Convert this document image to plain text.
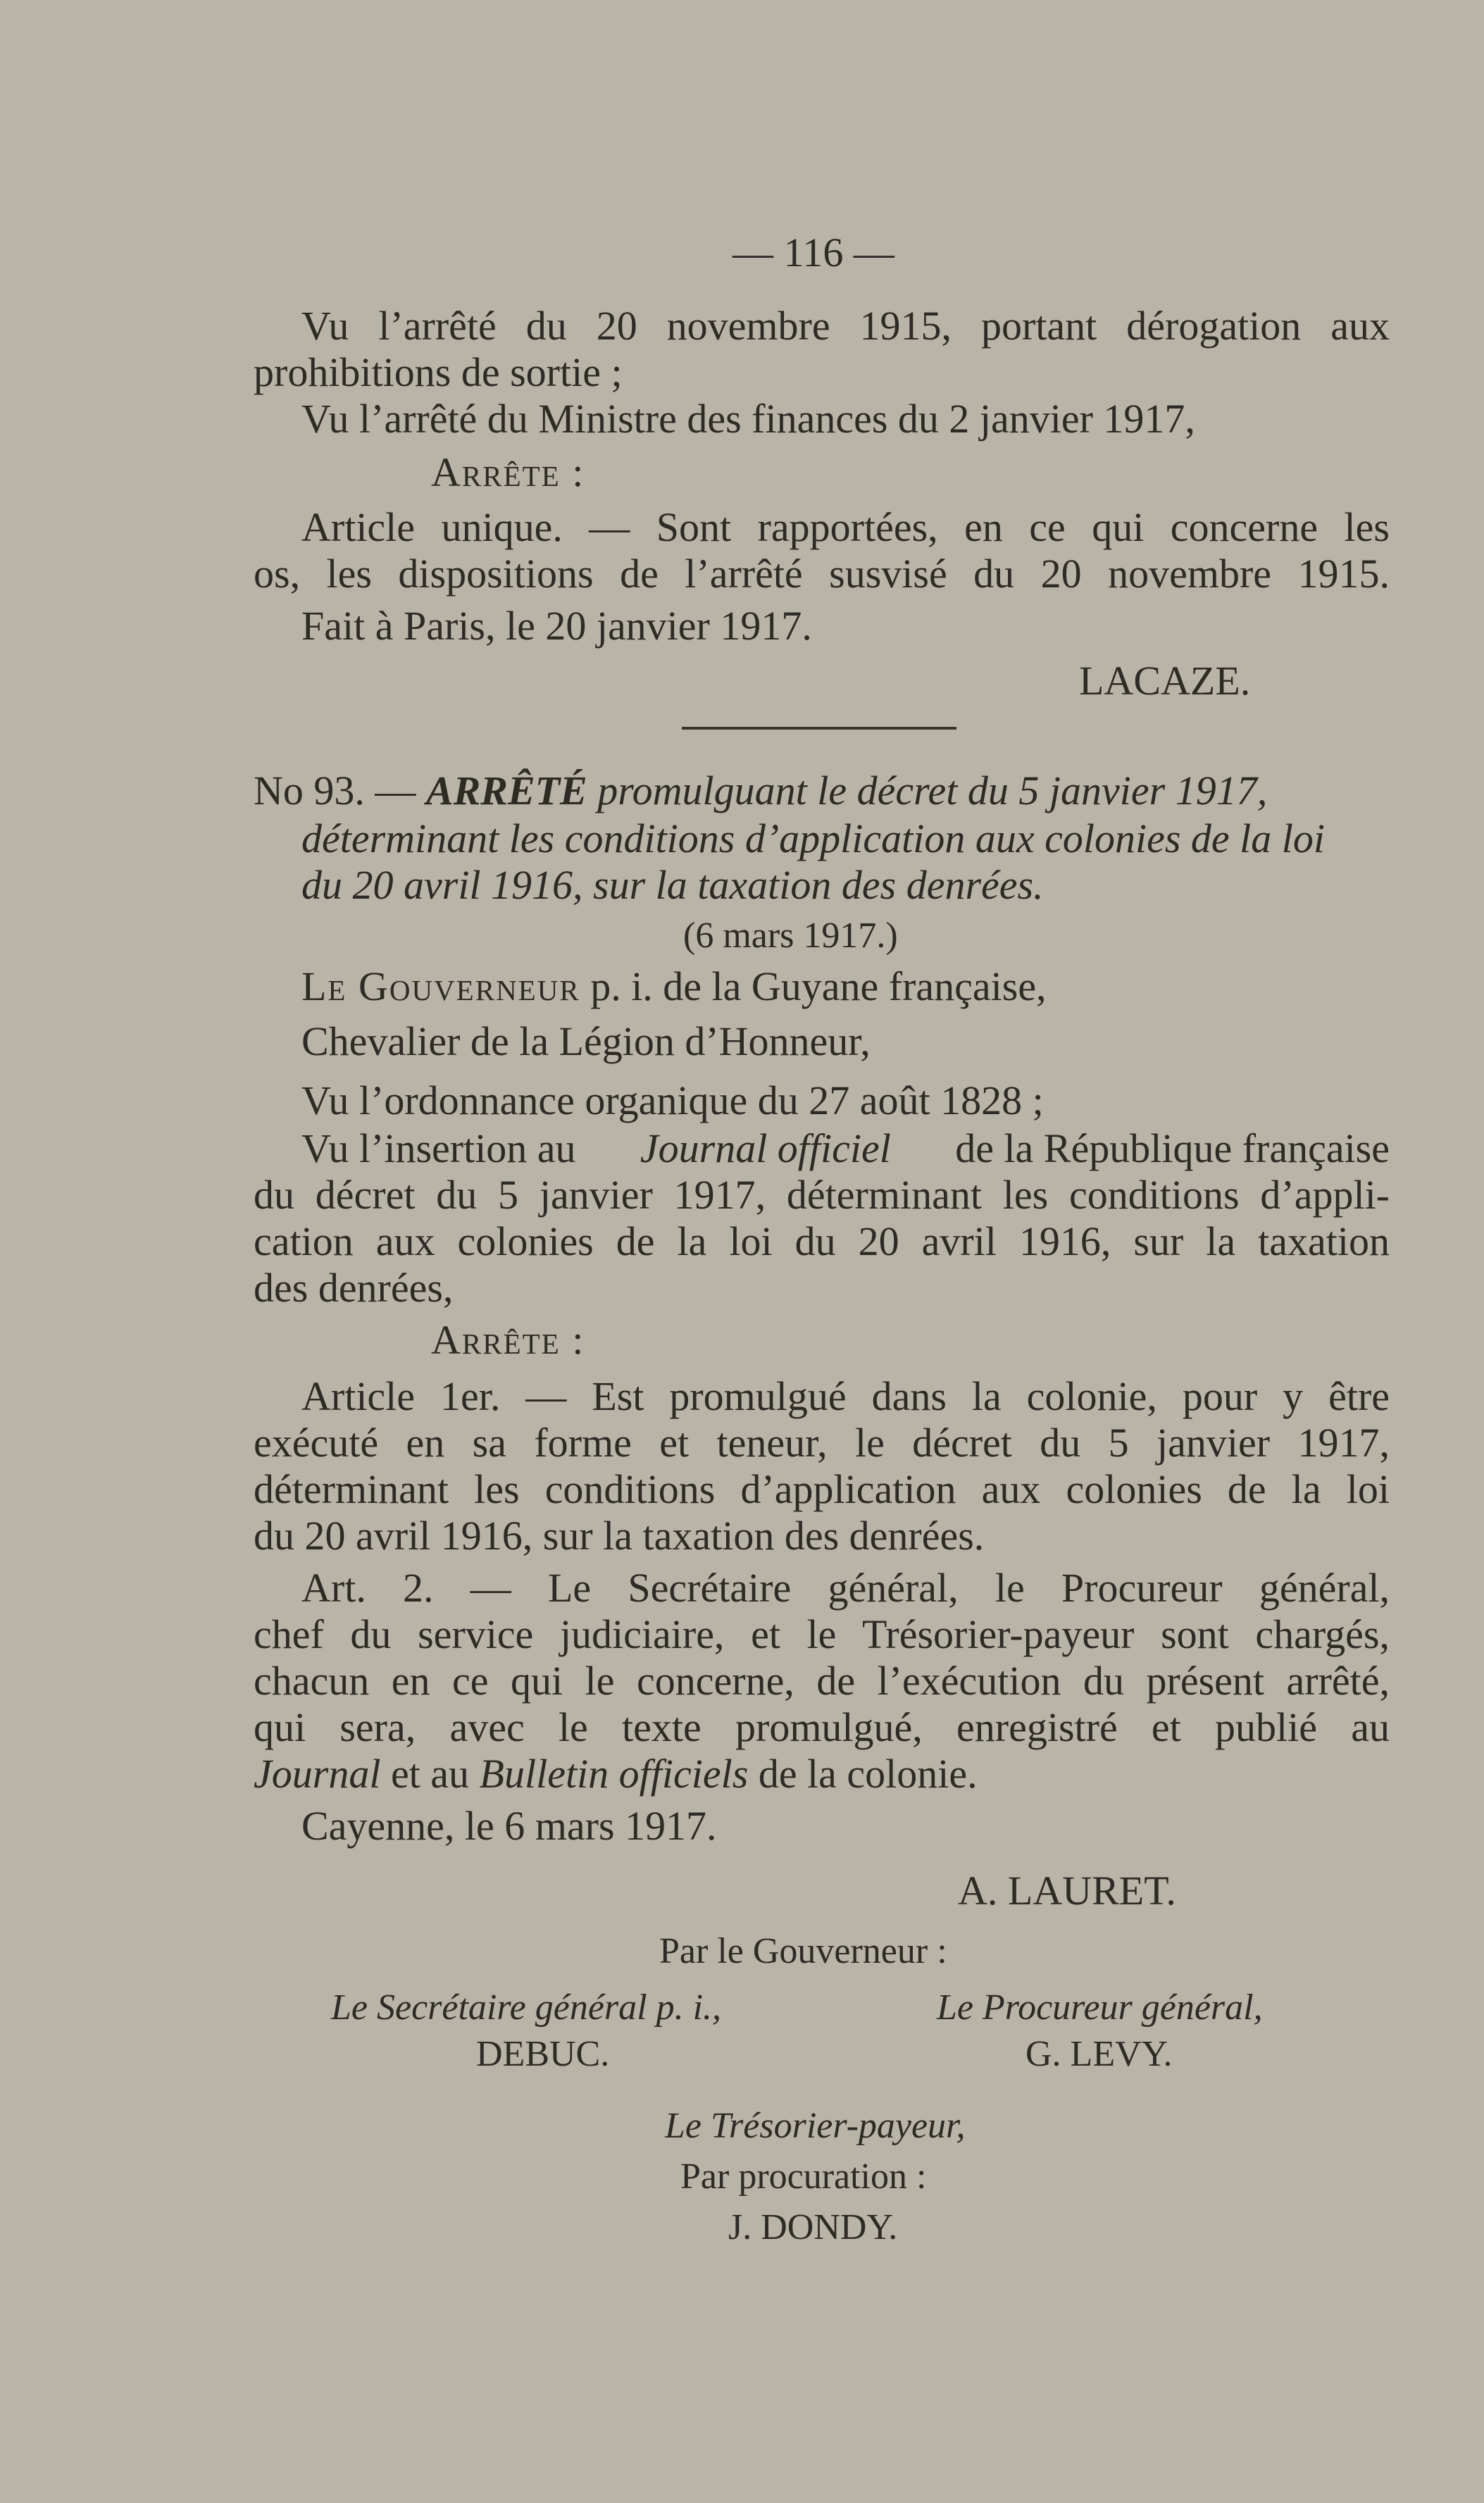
— 116 —
Vu l’arrêté du 20 novembre 1915, portant dérogation aux
prohibitions de sortie ;
Vu l’arrêté du Ministre des finances du 2 janvier 1917,
Arrête :
Article unique. — Sont rapportées, en ce qui concerne les
os, les dispositions de l’arrêté susvisé du 20 novembre 1915.
Fait à Paris, le 20 janvier 1917.
LACAZE.
No 93. — ARRÊTÉ promulguant le décret du 5 janvier 1917,
déterminant les conditions d’application aux colonies de la loi
du 20 avril 1916, sur la taxation des denrées.
(6 mars 1917.)
Le Gouverneur p. i. de la Guyane française,
Chevalier de la Légion d’Honneur,
Vu l’ordonnance organique du 27 août 1828 ;
Vu l’insertion au Journal officiel de la République française
du décret du 5 janvier 1917, déterminant les conditions d’appli-
cation aux colonies de la loi du 20 avril 1916, sur la taxation
des denrées,
Arrête :
Article 1er. — Est promulgué dans la colonie, pour y être
exécuté en sa forme et teneur, le décret du 5 janvier 1917,
déterminant les conditions d’application aux colonies de la loi
du 20 avril 1916, sur la taxation des denrées.
Art. 2. — Le Secrétaire général, le Procureur général,
chef du service judiciaire, et le Trésorier-payeur sont chargés,
chacun en ce qui le concerne, de l’exécution du présent arrêté,
qui sera, avec le texte promulgué, enregistré et publié au
Journal et au Bulletin officiels de la colonie.
Cayenne, le 6 mars 1917.
A. LAURET.
Par le Gouverneur :
Le Secrétaire général p. i.,	Le Procureur général,
DEBUC.	G. LEVY.
Le Trésorier-payeur,
Par procuration :
J. DONDY.
